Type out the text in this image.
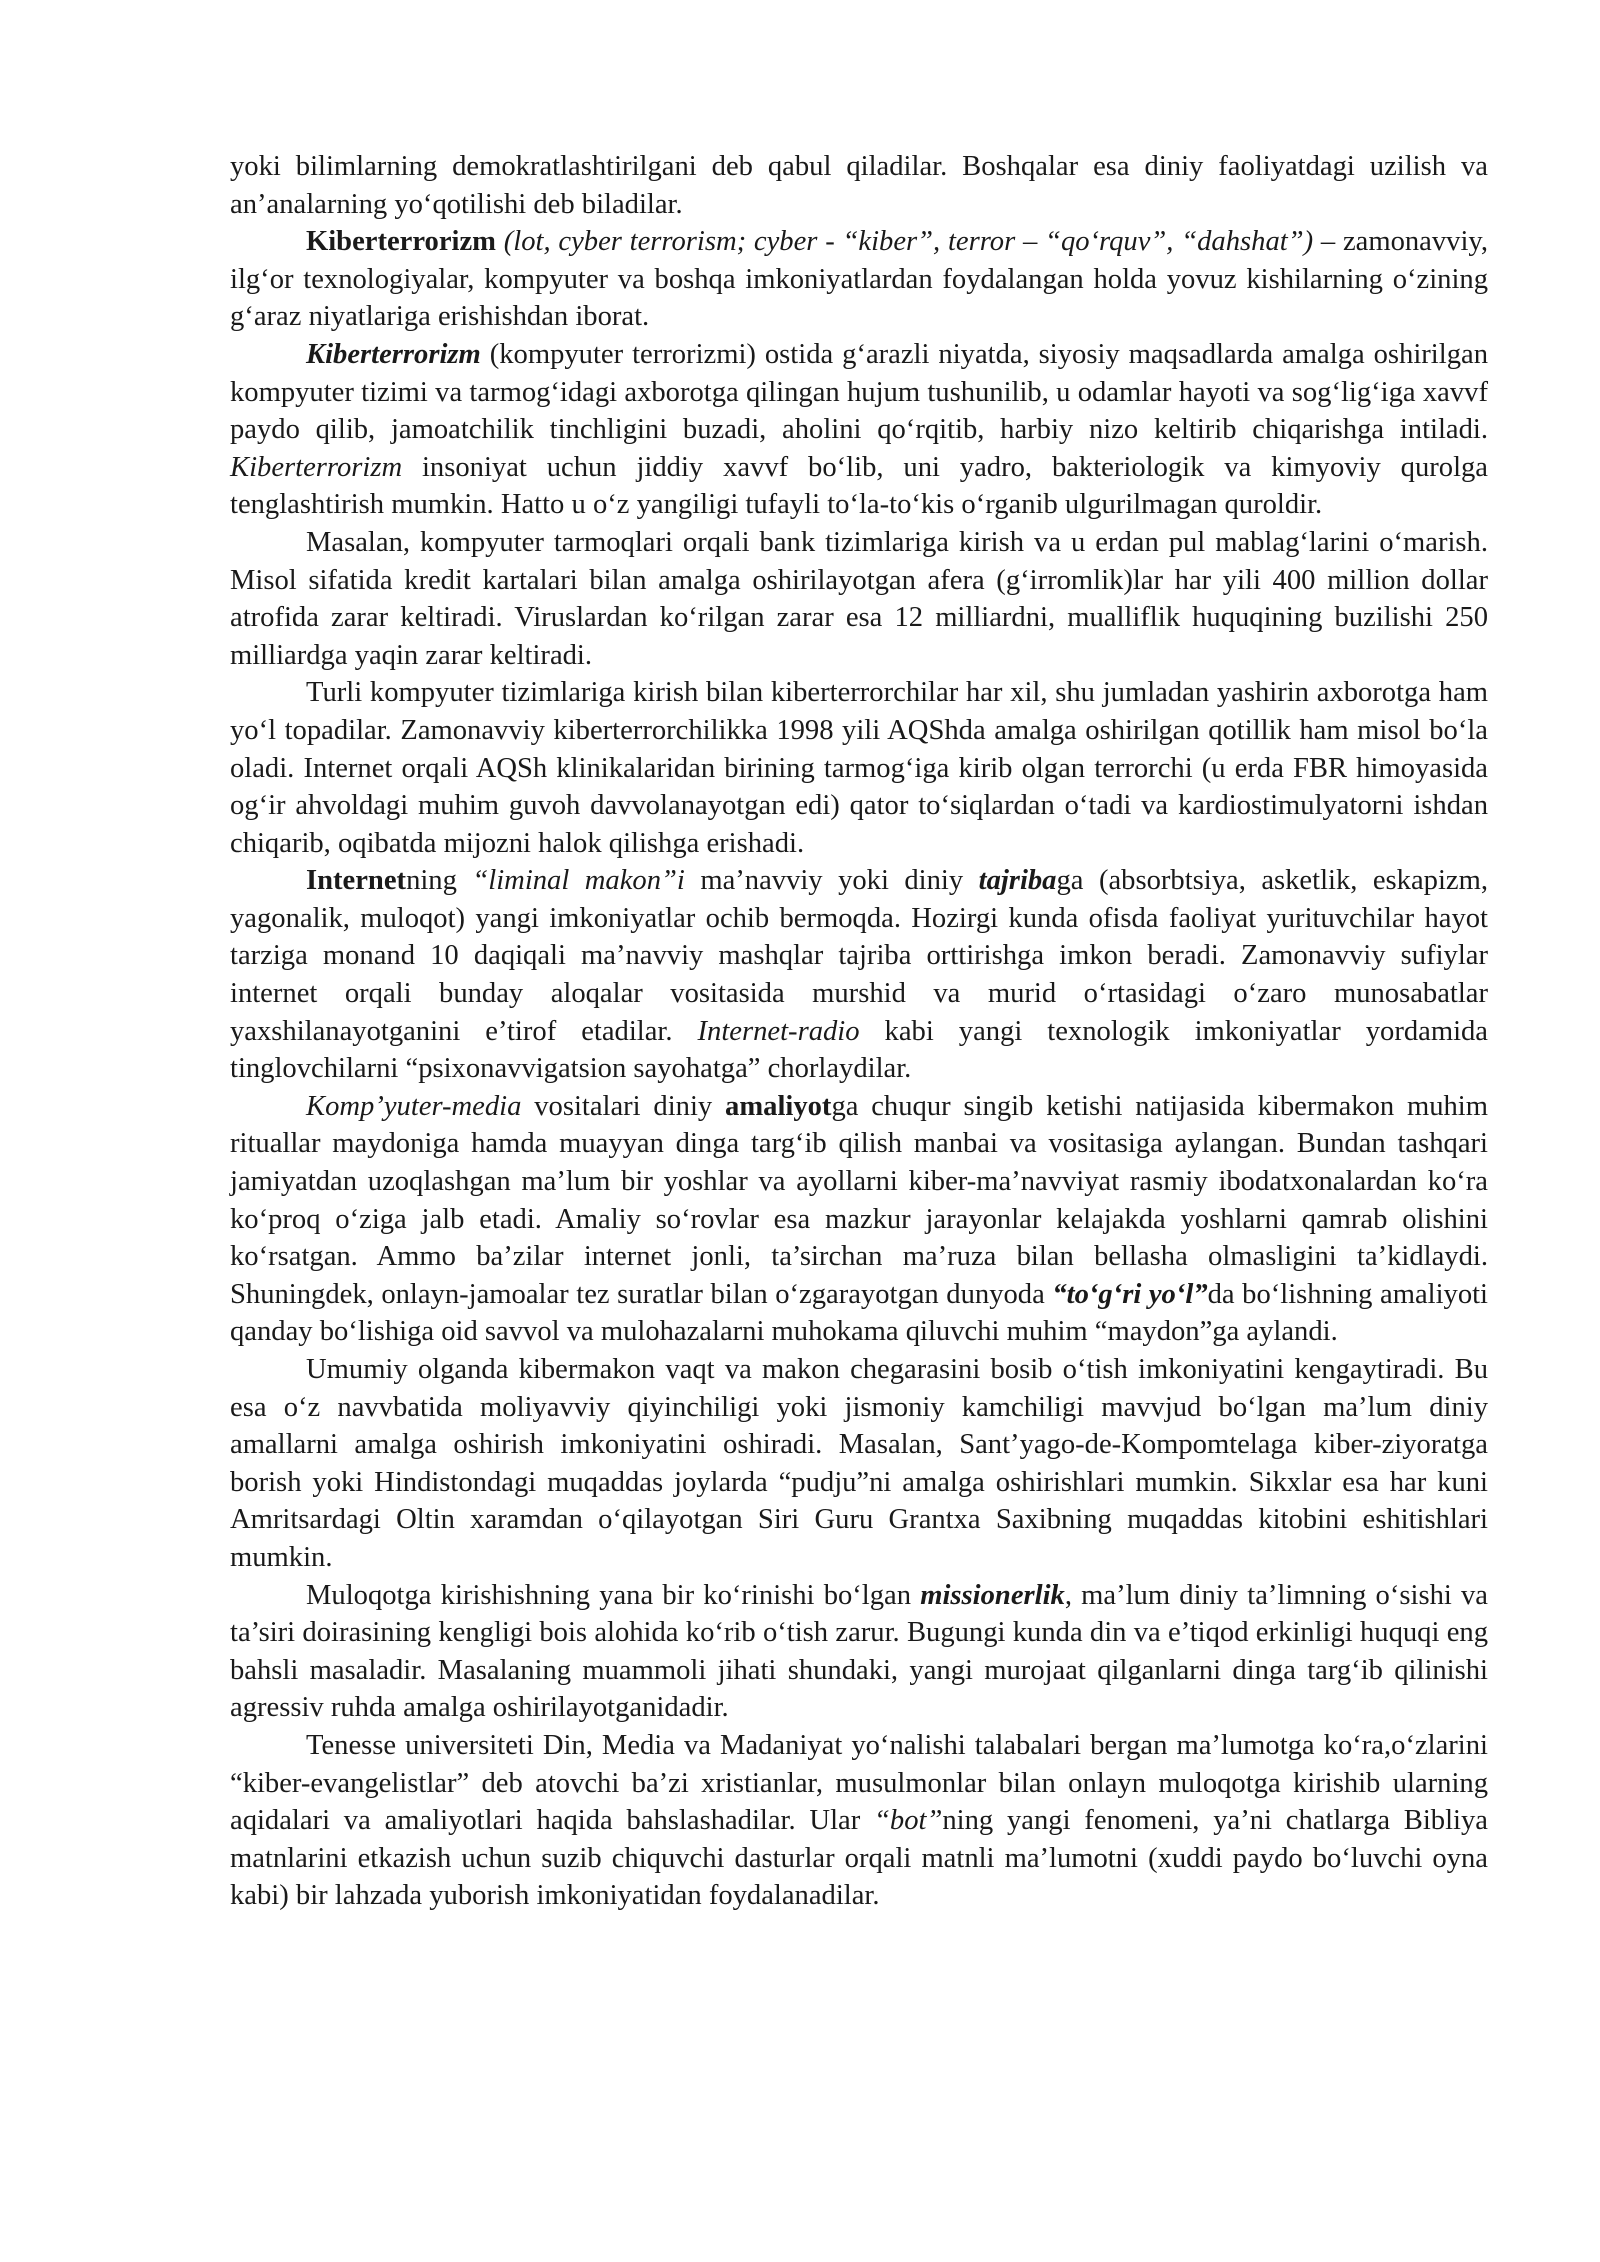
yoki bilimlarning demokratlashtirilgani deb qabul qiladilar. Boshqalar esa diniy faoliyatdagi uzilish va an’analarning yo‘qotilishi deb biladilar.

Kiberterrorizm (lot, cyber terrorism; cyber - “kiber”, terror – “qo‘rquv”, “dahshat”) – zamonavviy, ilg‘or texnologiyalar, kompyuter va boshqa imkoniyatlardan foydalangan holda yovuz kishilarning o‘zining g‘araz niyatlariga erishishdan iborat.

Kiberterrorizm (kompyuter terrorizmi) ostida g‘arazli niyatda, siyosiy maqsadlarda amalga oshirilgan kompyuter tizimi va tarmog‘idagi axborotga qilingan hujum tushunilib, u odamlar hayoti va sog‘lig‘iga xavvf paydo qilib, jamoatchilik tinchligini buzadi, aholini qo‘rqitib, harbiy nizo keltirib chiqarishga intiladi. Kiberterrorizm insoniyat uchun jiddiy xavvf bo‘lib, uni yadro, bakteriologik va kimyoviy qurolga tenglashtirish mumkin. Hatto u o‘z yangiligi tufayli to‘la-to‘kis o‘rganib ulgurilmagan quroldir.

Masalan, kompyuter tarmoqlari orqali bank tizimlariga kirish va u erdan pul mablag‘larini o‘marish. Misol sifatida kredit kartalari bilan amalga oshirilayotgan afera (g‘irromlik)lar har yili 400 million dollar atrofida zarar keltiradi. Viruslardan ko‘rilgan zarar esa 12 milliardni, mualliflik huquqining buzilishi 250 milliardga yaqin zarar keltiradi.

Turli kompyuter tizimlariga kirish bilan kiberterrorchilar har xil, shu jumladan yashirin axborotga ham yo‘l topadilar. Zamonavviy kiberterrorchilikka 1998 yili AQShda amalga oshirilgan qotillik ham misol bo‘la oladi. Internet orqali AQSh klinikalaridan birining tarmog‘iga kirib olgan terrorchi (u erda FBR himoyasida og‘ir ahvoldagi muhim guvoh davvolanayotgan edi) qator to‘siqlardan o‘tadi va kardiostimulyatorni ishdan chiqarib, oqibatda mijozni halok qilishga erishadi.

Internetning “liminal makon”i ma’navviy yoki diniy tajribaga (absorbtsiya, asketlik, eskapizm, yagonalik, muloqot) yangi imkoniyatlar ochib bermoqda. Hozirgi kunda ofisda faoliyat yurituvchilar hayot tarziga monand 10 daqiqali ma’navviy mashqlar tajriba orttirishga imkon beradi. Zamonavviy sufiylar internet orqali bunday aloqalar vositasida murshid va murid o‘rtasidagi o‘zaro munosabatlar yaxshilanayotganini e’tirof etadilar. Internet-radio kabi yangi texnologik imkoniyatlar yordamida tinglovchilarni “psixonavvigatsion sayohatga” chorlaydilar.

Komp’yuter-media vositalari diniy amaliyotga chuqur singib ketishi natijasida kibermakon muhim rituallar maydoniga hamda muayyan dinga targ‘ib qilish manbai va vositasiga aylangan. Bundan tashqari jamiyatdan uzoqlashgan ma’lum bir yoshlar va ayollarni kiber-ma’navviyat rasmiy ibodatxonalardan ko‘ra ko‘proq o‘ziga jalb etadi. Amaliy so‘rovlar esa mazkur jarayonlar kelajakda yoshlarni qamrab olishini ko‘rsatgan. Ammo ba’zilar internet jonli, ta’sirchan ma’ruza bilan bellasha olmasligini ta’kidlaydi. Shuningdek, onlayn-jamoalar tez suratlar bilan o‘zgarayotgan dunyoda “to‘g‘ri yo‘l”da bo‘lishning amaliyoti qanday bo‘lishiga oid savvol va mulohazalarni muhokama qiluvchi muhim “maydon”ga aylandi.

Umumiy olganda kibermakon vaqt va makon chegarasini bosib o‘tish imkoniyatini kengaytiradi. Bu esa o‘z navvbatida moliyavviy qiyinchiligi yoki jismoniy kamchiligi mavvjud bo‘lgan ma’lum diniy amallarni amalga oshirish imkoniyatini oshiradi. Masalan, Sant’yago-de-Kompomtelaga kiber-ziyoratga borish yoki Hindistondagi muqaddas joylarda “pudju”ni amalga oshirishlari mumkin. Sikxlar esa har kuni Amritsardagi Oltin xaramdan o‘qilayotgan Siri Guru Grantxa Saxibning muqaddas kitobini eshitishlari mumkin.

Muloqotga kirishishning yana bir ko‘rinishi bo‘lgan missionerlik, ma’lum diniy ta’limning o‘sishi va ta’siri doirasining kengligi bois alohida ko‘rib o‘tish zarur. Bugungi kunda din va e’tiqod erkinligi huquqi eng bahsli masaladir. Masalaning muammoli jihati shundaki, yangi murojaat qilganlarni dinga targ‘ib qilinishi agressiv ruhda amalga oshirilayotganidadir.

Tenesse universiteti Din, Media va Madaniyat yo‘nalishi talabalari bergan ma’lumotga ko‘ra,o‘zlarini “kiber-evangelistlar” deb atovchi ba’zi xristianlar, musulmonlar bilan onlayn muloqotga kirishib ularning aqidalari va amaliyotlari haqida bahslashadilar. Ular “bot”ning yangi fenomeni, ya’ni chatlarga Bibliya matnlarini etkazish uchun suzib chiquvchi dasturlar orqali matnli ma’lumotni (xuddi paydo bo‘luvchi oyna kabi) bir lahzada yuborish imkoniyatidan foydalanadilar.
